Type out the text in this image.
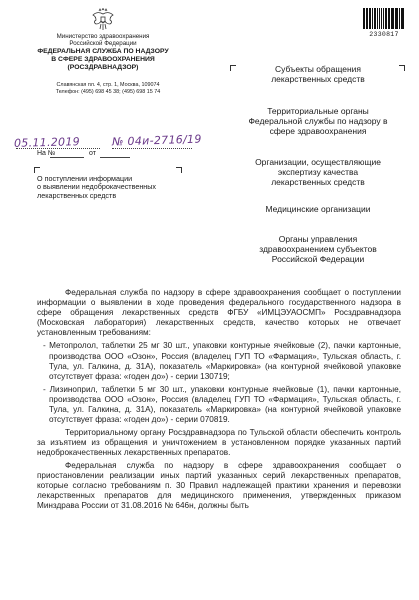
Министерство здравоохранения
Российской Федерации
ФЕДЕРАЛЬНАЯ СЛУЖБА ПО НАДЗОРУ
В СФЕРЕ ЗДРАВООХРАНЕНИЯ
(РОСЗДРАВНАДЗОР)
Славянская пл. 4, стр. 1, Москва, 109074
Телефон: (495) 698 45 38; (495) 698 15 74
2330817
05.11.2019	№ 04и-2716/19
На №	от
О поступлении информации
о выявлении недоброкачественных
лекарственных средств
Субъекты обращения
лекарственных средств
Территориальные органы
Федеральной службы по надзору в
сфере здравоохранения
Организации, осуществляющие
экспертизу качества
лекарственных средств
Медицинские организации
Органы управления
здравоохранением субъектов
Российской Федерации

Федеральная служба по надзору в сфере здравоохранения сообщает о поступлении информации о выявлении в ходе проведения федерального государственного надзора в сфере обращения лекарственных средств ФГБУ «ИМЦЭУАОСМП» Росздравнадзора (Московская лаборатория) лекарственных средств, качество которых не отвечает установленным требованиям:

- Метопролол, таблетки 25 мг 30 шт., упаковки контурные ячейковые (2), пачки картонные, производства ООО «Озон», Россия (владелец ГУП ТО «Фармация», Тульская область, г. Тула, ул. Галкина, д. 31А), показатель «Маркировка» (на контурной ячейковой упаковке отсутствует фраза: «годен до») - серии 130719;

- Лизиноприл, таблетки 5 мг 30 шт., упаковки контурные ячейковые (1), пачки картонные, производства ООО «Озон», Россия (владелец ГУП ТО «Фармация», Тульская область, г. Тула, ул. Галкина, д. 31А), показатель «Маркировка» (на контурной ячейковой упаковке отсутствует фраза: «годен до») - серии 070819.

Территориальному органу Росздравнадзора по Тульской области обеспечить контроль за изъятием из обращения и уничтожением в установленном порядке указанных партий недоброкачественных лекарственных препаратов.

Федеральная служба по надзору в сфере здравоохранения сообщает о приостановлении реализации иных партий указанных серий лекарственных препаратов, которые согласно требованиям п. 30 Правил надлежащей практики хранения и перевозки лекарственных препаратов для медицинского применения, утвержденных приказом Минздрава России от 31.08.2016 № 646н, должны быть
